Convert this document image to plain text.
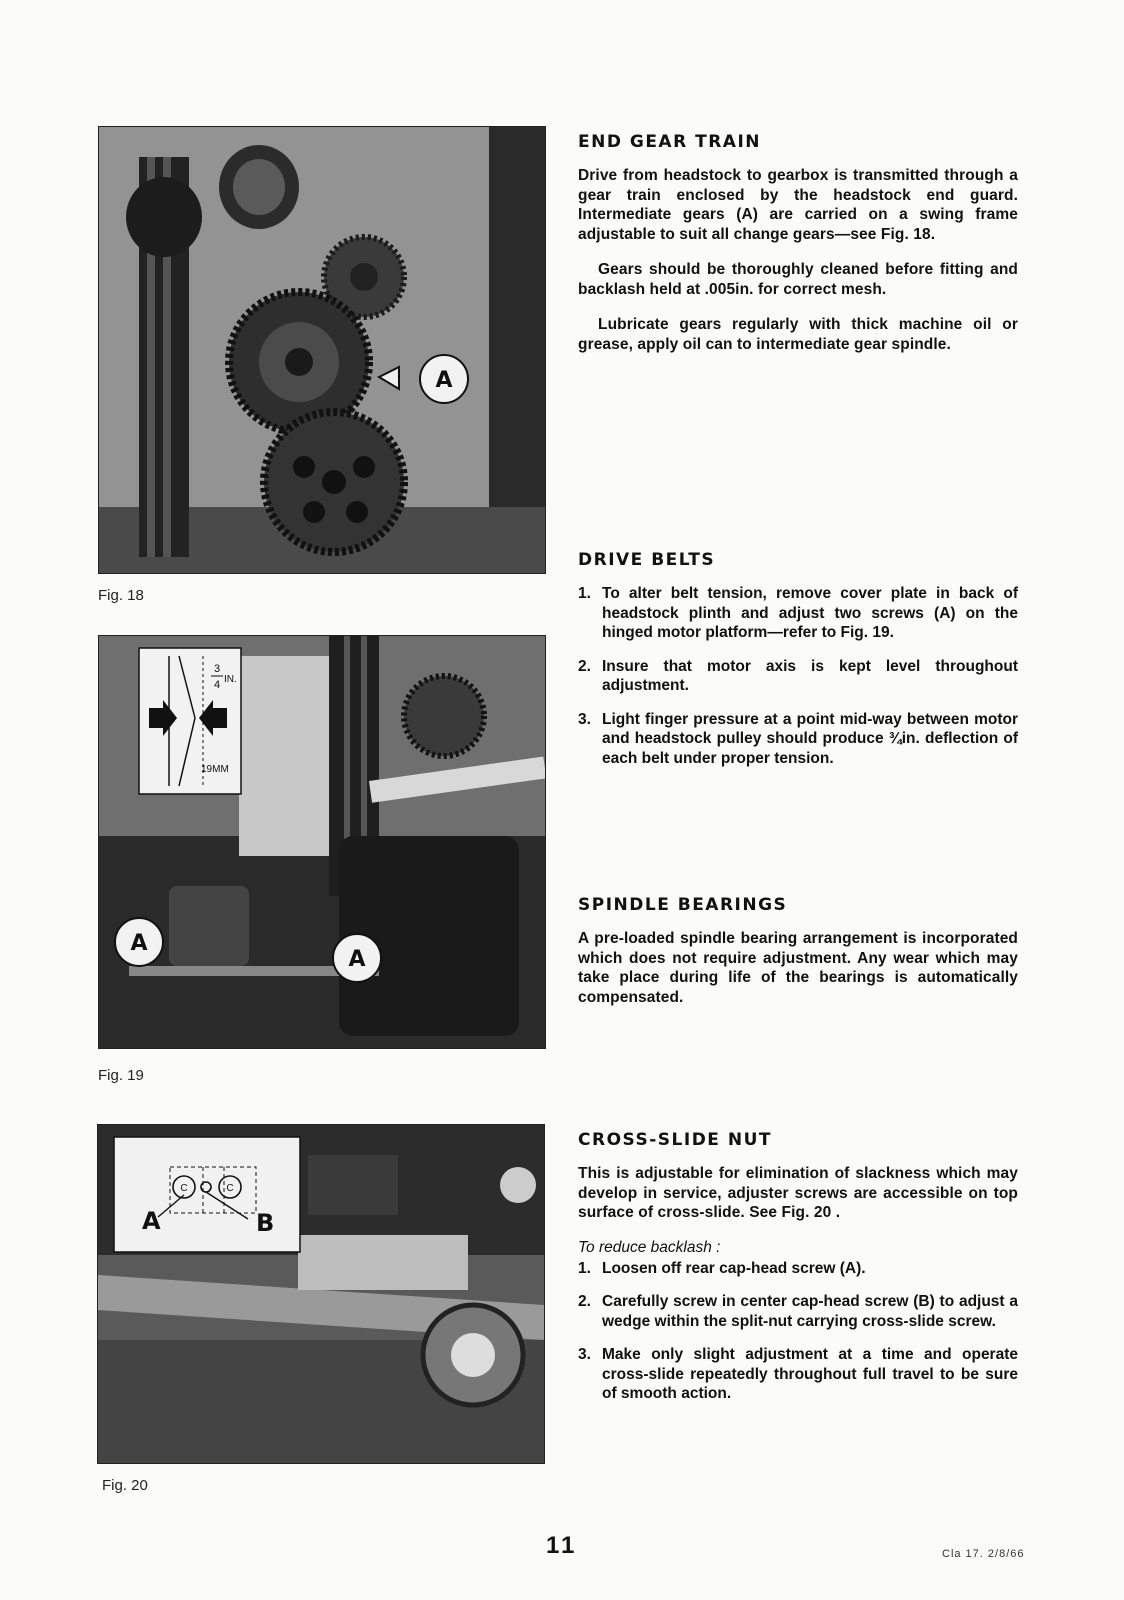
A
Fig. 18
3
4 IN.
19MM
A
A
Fig. 19
C	C
A	B
Fig. 20
END GEAR TRAIN

Drive from headstock to gearbox is transmitted through a gear train enclosed by the headstock end guard. Intermediate gears (A) are carried on a swing frame adjustable to suit all change gears—see Fig. 18.

Gears should be thoroughly cleaned before fitting and backlash held at .005in. for correct mesh.

Lubricate gears regularly with thick machine oil or grease, apply oil can to intermediate gear spindle.

DRIVE BELTS
1. To alter belt tension, remove cover plate in back of headstock plinth and adjust two screws (A) on the hinged motor platform—refer to Fig. 19.
2. Insure that motor axis is kept level throughout adjustment.
3. Light finger pressure at a point mid-way between motor and headstock pulley should produce ¾in. deflection of each belt under proper tension.
SPINDLE BEARINGS

A pre-loaded spindle bearing arrangement is incorporated which does not require adjustment. Any wear which may take place during life of the bearings is automatically compensated.

CROSS-SLIDE NUT

This is adjustable for elimination of slackness which may develop in service, adjuster screws are accessible on top surface of cross-slide. See Fig. 20 .

To reduce backlash :
1. Loosen off rear cap-head screw (A).
2. Carefully screw in center cap-head screw (B) to adjust a wedge within the split-nut carrying cross-slide screw.
3. Make only slight adjustment at a time and operate cross-slide repeatedly throughout full travel to be sure of smooth action.
11	Cla 17. 2/8/66
